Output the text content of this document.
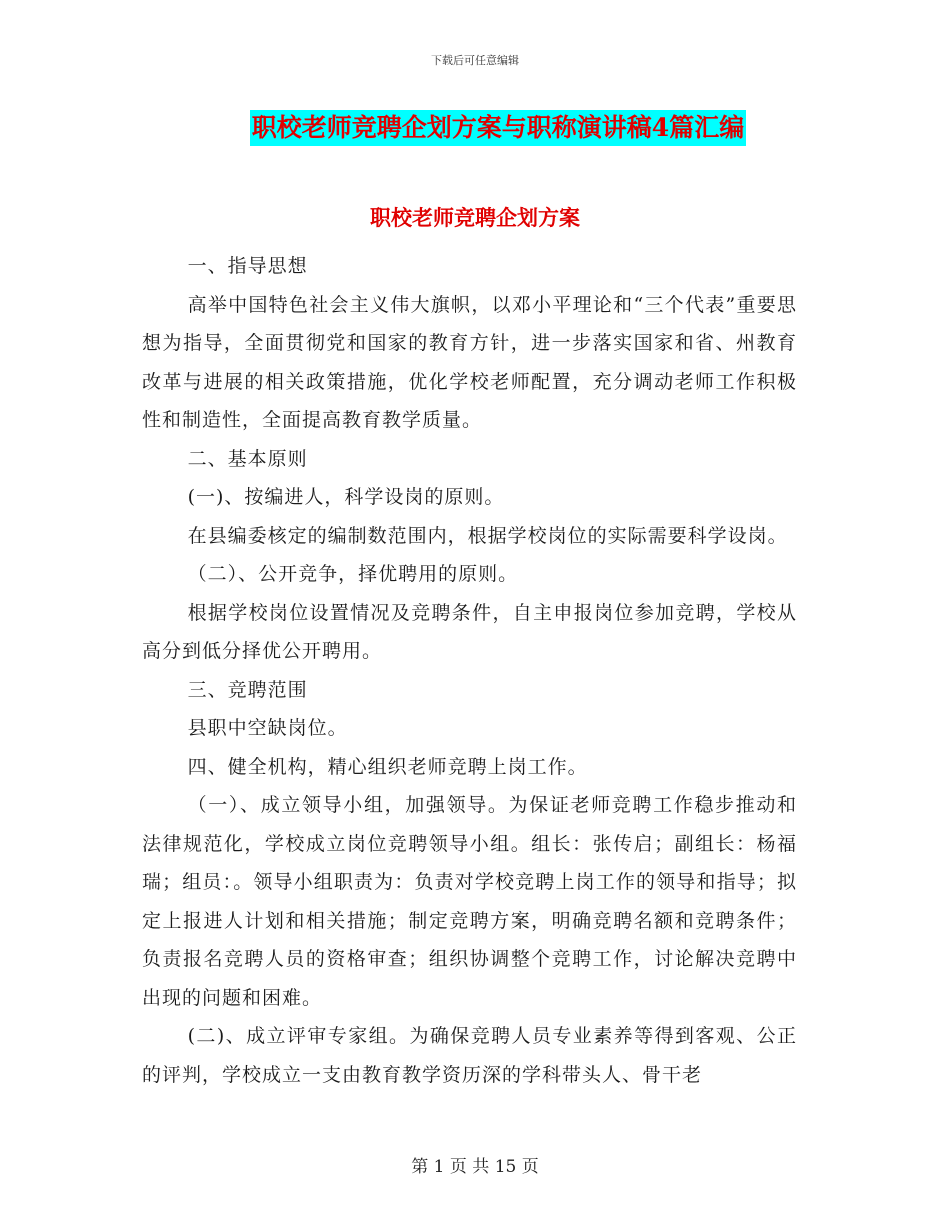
下载后可任意编辑
职校老师竞聘企划方案与职称演讲稿4篇汇编
职校老师竞聘企划方案

一、指导思想

高举中国特色社会主义伟大旗帜，以邓小平理论和“三个代表”重要思想为指导，全面贯彻党和国家的教育方针，进一步落实国家和省、州教育改革与进展的相关政策措施，优化学校老师配置，充分调动老师工作积极性和制造性，全面提高教育教学质量。

二、基本原则

(一)、按编进人，科学设岗的原则。

在县编委核定的编制数范围内，根据学校岗位的实际需要科学设岗。

（二）、公开竞争，择优聘用的原则。

根据学校岗位设置情况及竞聘条件，自主申报岗位参加竞聘，学校从高分到低分择优公开聘用。

三、竞聘范围

县职中空缺岗位。

四、健全机构，精心组织老师竞聘上岗工作。

（一）、成立领导小组，加强领导。为保证老师竞聘工作稳步推动和法律规范化，学校成立岗位竞聘领导小组。组长：张传启；副组长：杨福瑞；组员：。领导小组职责为：负责对学校竞聘上岗工作的领导和指导；拟定上报进人计划和相关措施；制定竞聘方案，明确竞聘名额和竞聘条件；负责报名竞聘人员的资格审查；组织协调整个竞聘工作，讨论解决竞聘中出现的问题和困难。

(二)、成立评审专家组。为确保竞聘人员专业素养等得到客观、公正的评判，学校成立一支由教育教学资历深的学科带头人、骨干老

第 1 页 共 15 页
